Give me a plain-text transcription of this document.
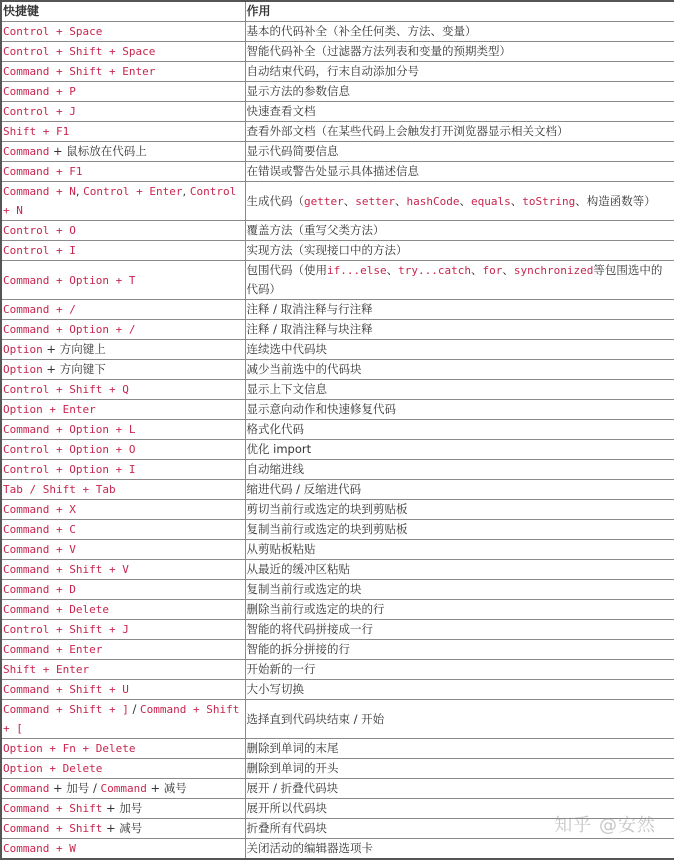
快捷键	作用
Control + Space	基本的代码补全（补全任何类、方法、变量）
Control + Shift + Space	智能代码补全（过滤器方法列表和变量的预期类型）
Command + Shift + Enter	自动结束代码，行末自动添加分号
Command + P	显示方法的参数信息
Control + J	快速查看文档
Shift + F1	查看外部文档（在某些代码上会触发打开浏览器显示相关文档）
Command + 鼠标放在代码上	显示代码简要信息
Command + F1	在错误或警告处显示具体描述信息
Command + N, Control + Enter, Control + N	生成代码（getter、setter、hashCode、equals、toString、构造函数等）
Control + O	覆盖方法（重写父类方法）
Control + I	实现方法（实现接口中的方法）
Command + Option + T	包围代码（使用if...else、try...catch、for、synchronized等包围选中的代码）
Command + /	注释 / 取消注释与行注释
Command + Option + /	注释 / 取消注释与块注释
Option + 方向键上	连续选中代码块
Option + 方向键下	减少当前选中的代码块
Control + Shift + Q	显示上下文信息
Option + Enter	显示意向动作和快速修复代码
Command + Option + L	格式化代码
Control + Option + O	优化 import
Control + Option + I	自动缩进线
Tab / Shift + Tab	缩进代码 / 反缩进代码
Command + X	剪切当前行或选定的块到剪贴板
Command + C	复制当前行或选定的块到剪贴板
Command + V	从剪贴板粘贴
Command + Shift + V	从最近的缓冲区粘贴
Command + D	复制当前行或选定的块
Command + Delete	删除当前行或选定的块的行
Control + Shift + J	智能的将代码拼接成一行
Command + Enter	智能的拆分拼接的行
Shift + Enter	开始新的一行
Command + Shift + U	大小写切换
Command + Shift + ] / Command + Shift + [	选择直到代码块结束 / 开始
Option + Fn + Delete	删除到单词的末尾
Option + Delete	删除到单词的开头
Command + 加号 / Command + 减号	展开 / 折叠代码块
Command + Shift + 加号	展开所以代码块
Command + Shift + 减号	折叠所有代码块
Command + W	关闭活动的编辑器选项卡
知乎 @安然
